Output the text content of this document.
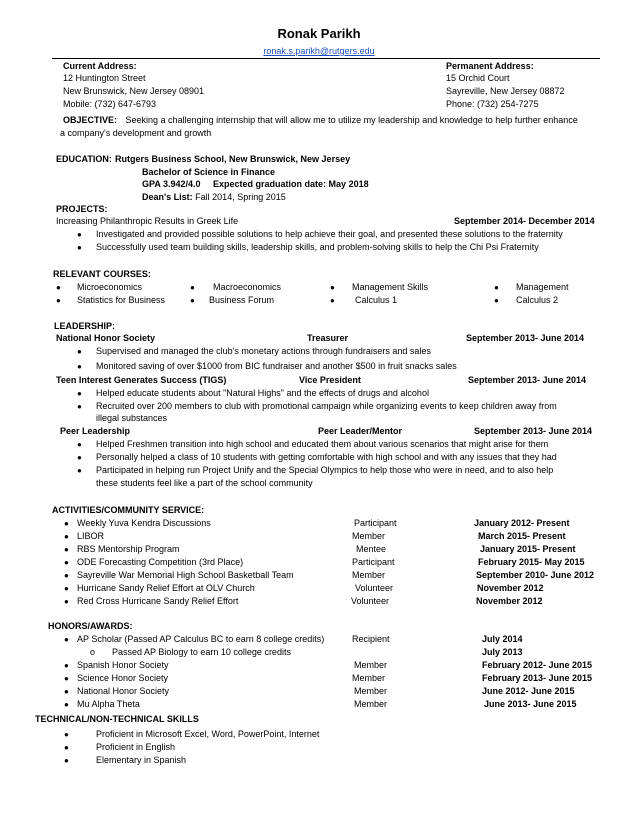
Ronak Parikh
ronak.s.parikh@rutgers.edu
Current Address:
12 Huntington Street
New Brunswick, New Jersey 08901
Mobile: (732) 647-6793
Permanent Address:
15 Orchid Court
Sayreville, New Jersey 08872
Phone: (732) 254-7275
OBJECTIVE: Seeking a challenging internship that will allow me to utilize my leadership and knowledge to help further enhance
a company's development and growth
EDUCATION: Rutgers Business School, New Brunswick, New Jersey
Bachelor of Science in Finance
GPA 3.942/4.0     Expected graduation date: May 2018
Dean's List: Fall 2014, Spring 2015
PROJECTS:
Increasing Philanthropic Results in Greek Life	September 2014- December 2014
● Investigated and provided possible solutions to help achieve their goal, and presented these solutions to the fraternity
● Successfully used team building skills, leadership skills, and problem-solving skills to help the Chi Psi Fraternity
RELEVANT COURSES:
● Microeconomics	● Macroeconomics	● Management Skills	● Management
● Statistics for Business	● Business Forum	● Calculus 1	● Calculus 2
LEADERSHIP:
National Honor Society	Treasurer	September 2013- June 2014
● Supervised and managed the club's monetary actions through fundraisers and sales
● Monitored saving of over $1000 from BIC fundraiser and another $500 in fruit snacks sales
Teen Interest Generates Success (TIGS)	Vice President	September 2013- June 2014
● Helped educate students about "Natural Highs" and the effects of drugs and alcohol
● Recruited over 200 members to club with promotional campaign while organizing events to keep children away from
illegal substances
Peer Leadership	Peer Leader/Mentor	September 2013- June 2014
● Helped Freshmen transition into high school and educated them about various scenarios that might arise for them
● Personally helped a class of 10 students with getting comfortable with high school and with any issues that they had
● Participated in helping run Project Unify and the Special Olympics to help those who were in need, and to also help
these students feel like a part of the school community
ACTIVITIES/COMMUNITY SERVICE:
● Weekly Yuva Kendra Discussions	Participant	January 2012- Present
● LIBOR	Member	March 2015- Present
● RBS Mentorship Program	Mentee	January 2015- Present
● ODE Forecasting Competition (3rd Place)	Participant	February 2015- May 2015
● Sayreville War Memorial High School Basketball Team	Member	September 2010- June 2012
● Hurricane Sandy Relief Effort at OLV Church	Volunteer	November 2012
● Red Cross Hurricane Sandy Relief Effort	Volunteer	November 2012
HONORS/AWARDS:
● AP Scholar (Passed AP Calculus BC to earn 8 college credits)	Recipient	July 2014
o Passed AP Biology to earn 10 college credits	July 2013
● Spanish Honor Society	Member	February 2012- June 2015
● Science Honor Society	Member	February 2013- June 2015
● National Honor Society	Member	June 2012- June 2015
● Mu Alpha Theta	Member	June 2013- June 2015
TECHNICAL/NON-TECHNICAL SKILLS
●	Proficient in Microsoft Excel, Word, PowerPoint, Internet
●	Proficient in English
●	Elementary in Spanish
